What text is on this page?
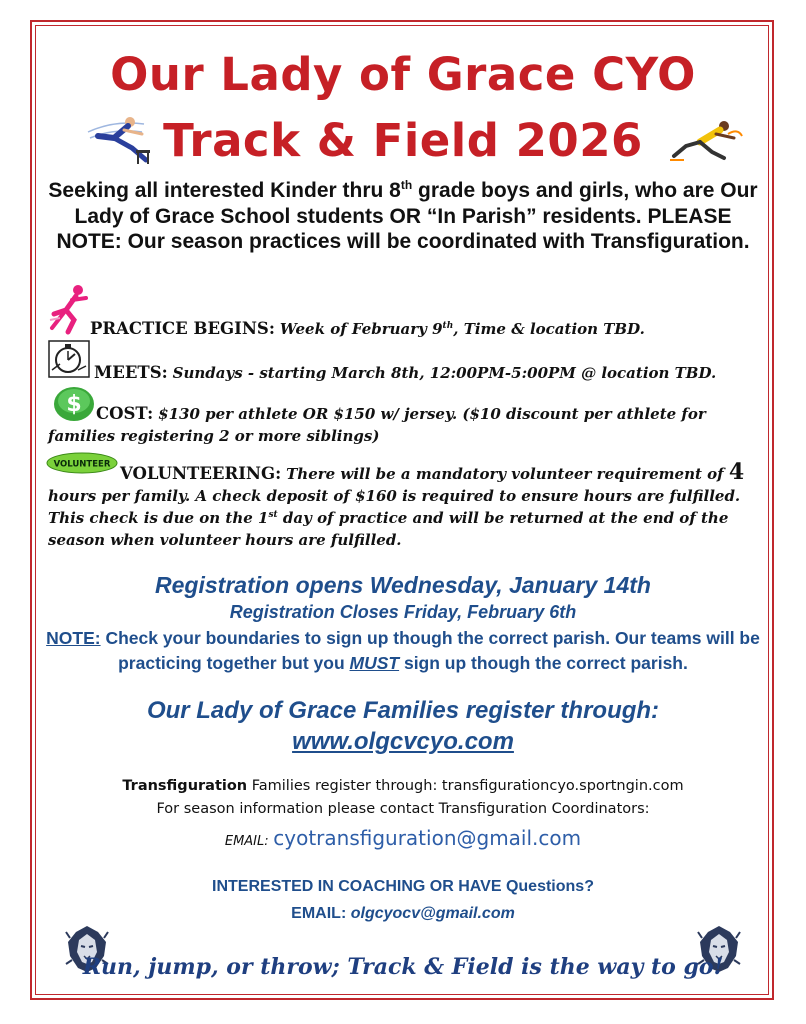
Our Lady of Grace CYO
Track & Field 2026
Seeking all interested Kinder thru 8th grade boys and girls, who are Our Lady of Grace School students OR “In Parish” residents. PLEASE NOTE: Our season practices will be coordinated with Transfiguration.
PRACTICE BEGINS: Week of February 9th, Time & location TBD.
MEETS: Sundays - starting March 8th, 12:00PM-5:00PM @ location TBD.
$ COST: $130 per athlete OR $150 w/ jersey. ($10 discount per athlete for families registering 2 or more siblings)
VOLUNTEER VOLUNTEERING: There will be a mandatory volunteer requirement of 4 hours per family. A check deposit of $160 is required to ensure hours are fulfilled. This check is due on the 1st day of practice and will be returned at the end of the season when volunteer hours are fulfilled.
Registration opens Wednesday, January 14th
Registration Closes Friday, February 6th
NOTE: Check your boundaries to sign up though the correct parish. Our teams will be practicing together but you MUST sign up though the correct parish.
Our Lady of Grace Families register through:
www.olgcvcyo.com
Transfiguration Families register through: transfigurationcyo.sportngin.com
For season information please contact Transfiguration Coordinators:
EMAIL: cyotransfiguration@gmail.com
INTERESTED IN COACHING OR HAVE Questions?
EMAIL: olgcyocv@gmail.com
Run, jump, or throw; Track & Field is the way to go!
